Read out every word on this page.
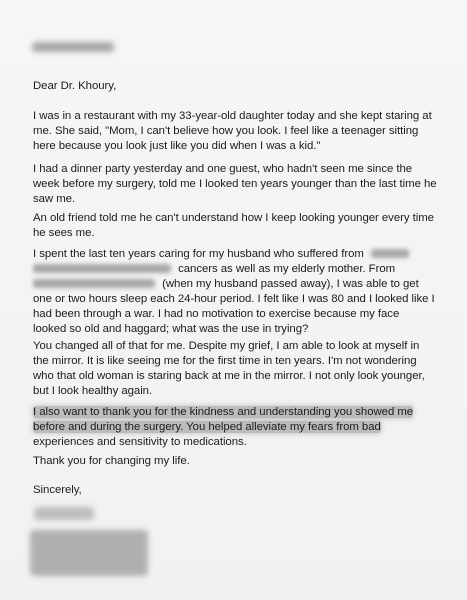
Dear Dr. Khoury,
I was in a restaurant with my 33-year-old daughter today and she kept staring at
me. She said, "Mom, I can't believe how you look. I feel like a teenager sitting
here because you look just like you did when I was a kid."
I had a dinner party yesterday and one guest, who hadn't seen me since the
week before my surgery, told me I looked ten years younger than the last time he
saw me.
An old friend told me he can't understand how I keep looking younger every time
he sees me.
I spent the last ten years caring for my husband who suffered from
cancers as well as my elderly mother. From
(when my husband passed away), I was able to get
one or two hours sleep each 24-hour period. I felt like I was 80 and I looked like I
had been through a war. I had no motivation to exercise because my face
looked so old and haggard; what was the use in trying?
You changed all of that for me. Despite my grief, I am able to look at myself in
the mirror. It is like seeing me for the first time in ten years. I'm not wondering
who that old woman is staring back at me in the mirror. I not only look younger,
but I look healthy again.
I also want to thank you for the kindness and understanding you showed me
before and during the surgery. You helped alleviate my fears from bad
experiences and sensitivity to medications.
Thank you for changing my life.
Sincerely,
